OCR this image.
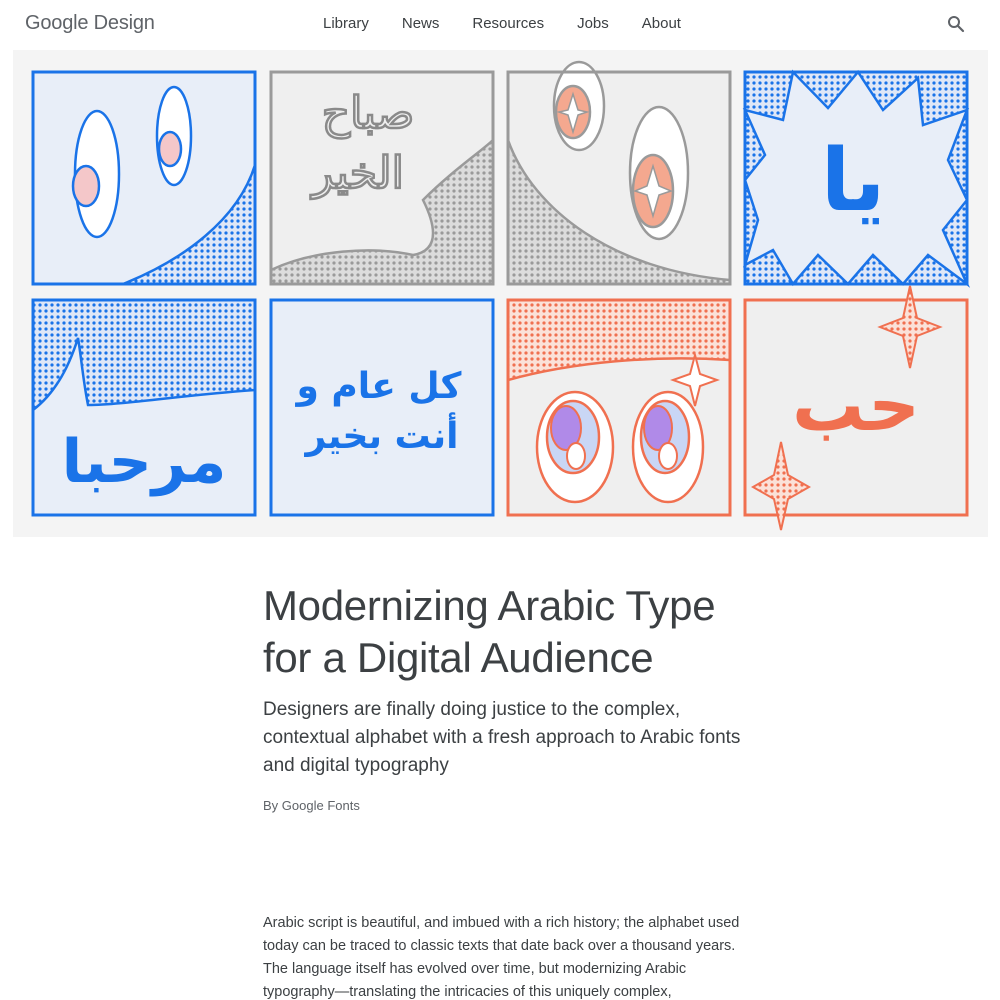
Google Design	Library News Resources Jobs About
صباح
الخير	يا
مرحبا
كل عام و
أنت بخير	حب
Modernizing Arabic Type for a Digital Audience

Designers are finally doing justice to the complex, contextual alphabet with a fresh approach to Arabic fonts and digital typography

By Google Fonts

Arabic script is beautiful, and imbued with a rich history; the alphabet used today can be traced to classic texts that date back over a thousand years. The language itself has evolved over time, but modernizing Arabic typography—translating the intricacies of this uniquely complex,
